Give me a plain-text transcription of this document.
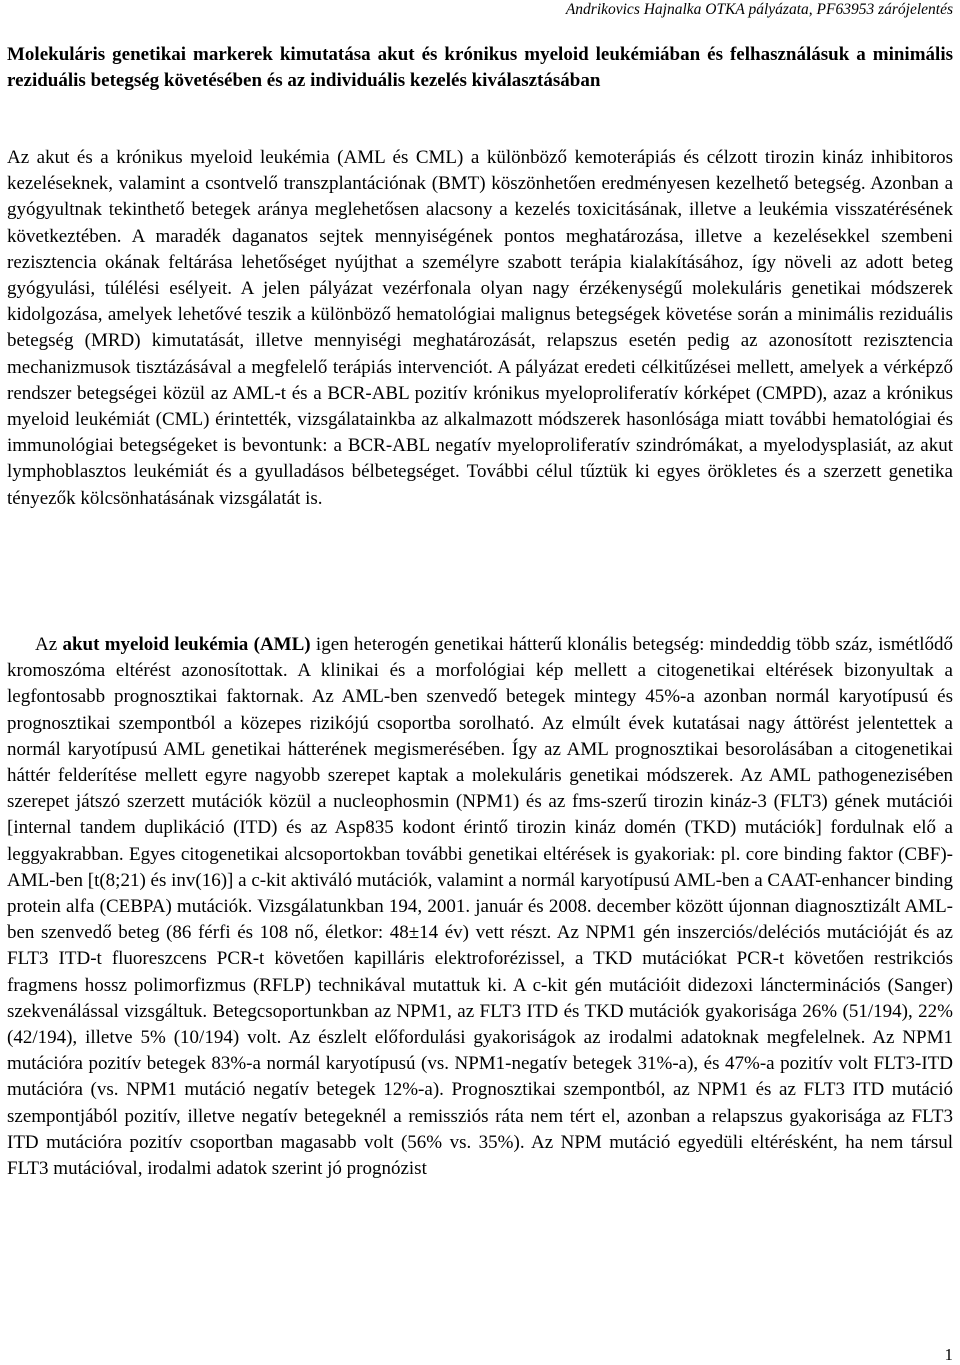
Andrikovics Hajnalka OTKA pályázata, PF63953 zárójelentés
Molekuláris genetikai markerek kimutatása akut és krónikus myeloid leukémiában és felhasználásuk a minimális reziduális betegség követésében és az individuális kezelés kiválasztásában

Az akut és a krónikus myeloid leukémia (AML és CML) a különböző kemoterápiás és célzott tirozin kináz inhibitoros kezeléseknek, valamint a csontvelő transzplantációnak (BMT) köszönhetően eredményesen kezelhető betegség. Azonban a gyógyultnak tekinthető betegek aránya meglehetősen alacsony a kezelés toxicitásának, illetve a leukémia visszatérésének következtében. A maradék daganatos sejtek mennyiségének pontos meghatározása, illetve a kezelésekkel szembeni rezisztencia okának feltárása lehetőséget nyújthat a személyre szabott terápia kialakításához, így növeli az adott beteg gyógyulási, túlélési esélyeit. A jelen pályázat vezérfonala olyan nagy érzékenységű molekuláris genetikai módszerek kidolgozása, amelyek lehetővé teszik a különböző hematológiai malignus betegségek követése során a minimális reziduális betegség (MRD) kimutatását, illetve mennyiségi meghatározását, relapszus esetén pedig az azonosított rezisztencia mechanizmusok tisztázásával a megfelelő terápiás intervenciót. A pályázat eredeti célkitűzései mellett, amelyek a vérképző rendszer betegségei közül az AML-t és a BCR-ABL pozitív krónikus myeloproliferatív kórképet (CMPD), azaz a krónikus myeloid leukémiát (CML) érintették, vizsgálatainkba az alkalmazott módszerek hasonlósága miatt további hematológiai és immunológiai betegségeket is bevontunk: a BCR-ABL negatív myeloproliferatív szindrómákat, a myelodysplasiát, az akut lymphoblasztos leukémiát és a gyulladásos bélbetegséget. További célul tűztük ki egyes örökletes és a szerzett genetika tényezők kölcsönhatásának vizsgálatát is.

Az akut myeloid leukémia (AML) igen heterogén genetikai hátterű klonális betegség: mindeddig több száz, ismétlődő kromoszóma eltérést azonosítottak. A klinikai és a morfológiai kép mellett a citogenetikai eltérések bizonyultak a legfontosabb prognosztikai faktornak. Az AML-ben szenvedő betegek mintegy 45%-a azonban normál karyotípusú és prognosztikai szempontból a közepes rizikójú csoportba sorolható. Az elmúlt évek kutatásai nagy áttörést jelentettek a normál karyotípusú AML genetikai hátterének megismerésében. Így az AML prognosztikai besorolásában a citogenetikai háttér felderítése mellett egyre nagyobb szerepet kaptak a molekuláris genetikai módszerek. Az AML pathogenezisében szerepet játszó szerzett mutációk közül a nucleophosmin (NPM1) és az fms-szerű tirozin kináz-3 (FLT3) gének mutációi [internal tandem duplikáció (ITD) és az Asp835 kodont érintő tirozin kináz domén (TKD) mutációk] fordulnak elő a leggyakrabban. Egyes citogenetikai alcsoportokban további genetikai eltérések is gyakoriak: pl. core binding faktor (CBF)-AML-ben [t(8;21) és inv(16)] a c-kit aktiváló mutációk, valamint a normál karyotípusú AML-ben a CAAT-enhancer binding protein alfa (CEBPA) mutációk. Vizsgálatunkban 194, 2001. január és 2008. december között újonnan diagnosztizált AML-ben szenvedő beteg (86 férfi és 108 nő, életkor: 48±14 év) vett részt. Az NPM1 gén inszerciós/deléciós mutációját és az FLT3 ITD-t fluoreszcens PCR-t követően kapilláris elektroforézissel, a TKD mutációkat PCR-t követően restrikciós fragmens hossz polimorfizmus (RFLP) technikával mutattuk ki. A c-kit gén mutációit didezoxi láncterminációs (Sanger) szekvenálással vizsgáltuk. Betegcsoportunkban az NPM1, az FLT3 ITD és TKD mutációk gyakorisága 26% (51/194), 22% (42/194), illetve 5% (10/194) volt. Az észlelt előfordulási gyakoriságok az irodalmi adatoknak megfelelnek. Az NPM1 mutációra pozitív betegek 83%-a normál karyotípusú (vs. NPM1-negatív betegek 31%-a), és 47%-a pozitív volt FLT3-ITD mutációra (vs. NPM1 mutáció negatív betegek 12%-a). Prognosztikai szempontból, az NPM1 és az FLT3 ITD mutáció szempontjából pozitív, illetve negatív betegeknél a remissziós ráta nem tért el, azonban a relapszus gyakorisága az FLT3 ITD mutációra pozitív csoportban magasabb volt (56% vs. 35%). Az NPM mutáció egyedüli eltérésként, ha nem társul FLT3 mutációval, irodalmi adatok szerint jó prognózist

1
